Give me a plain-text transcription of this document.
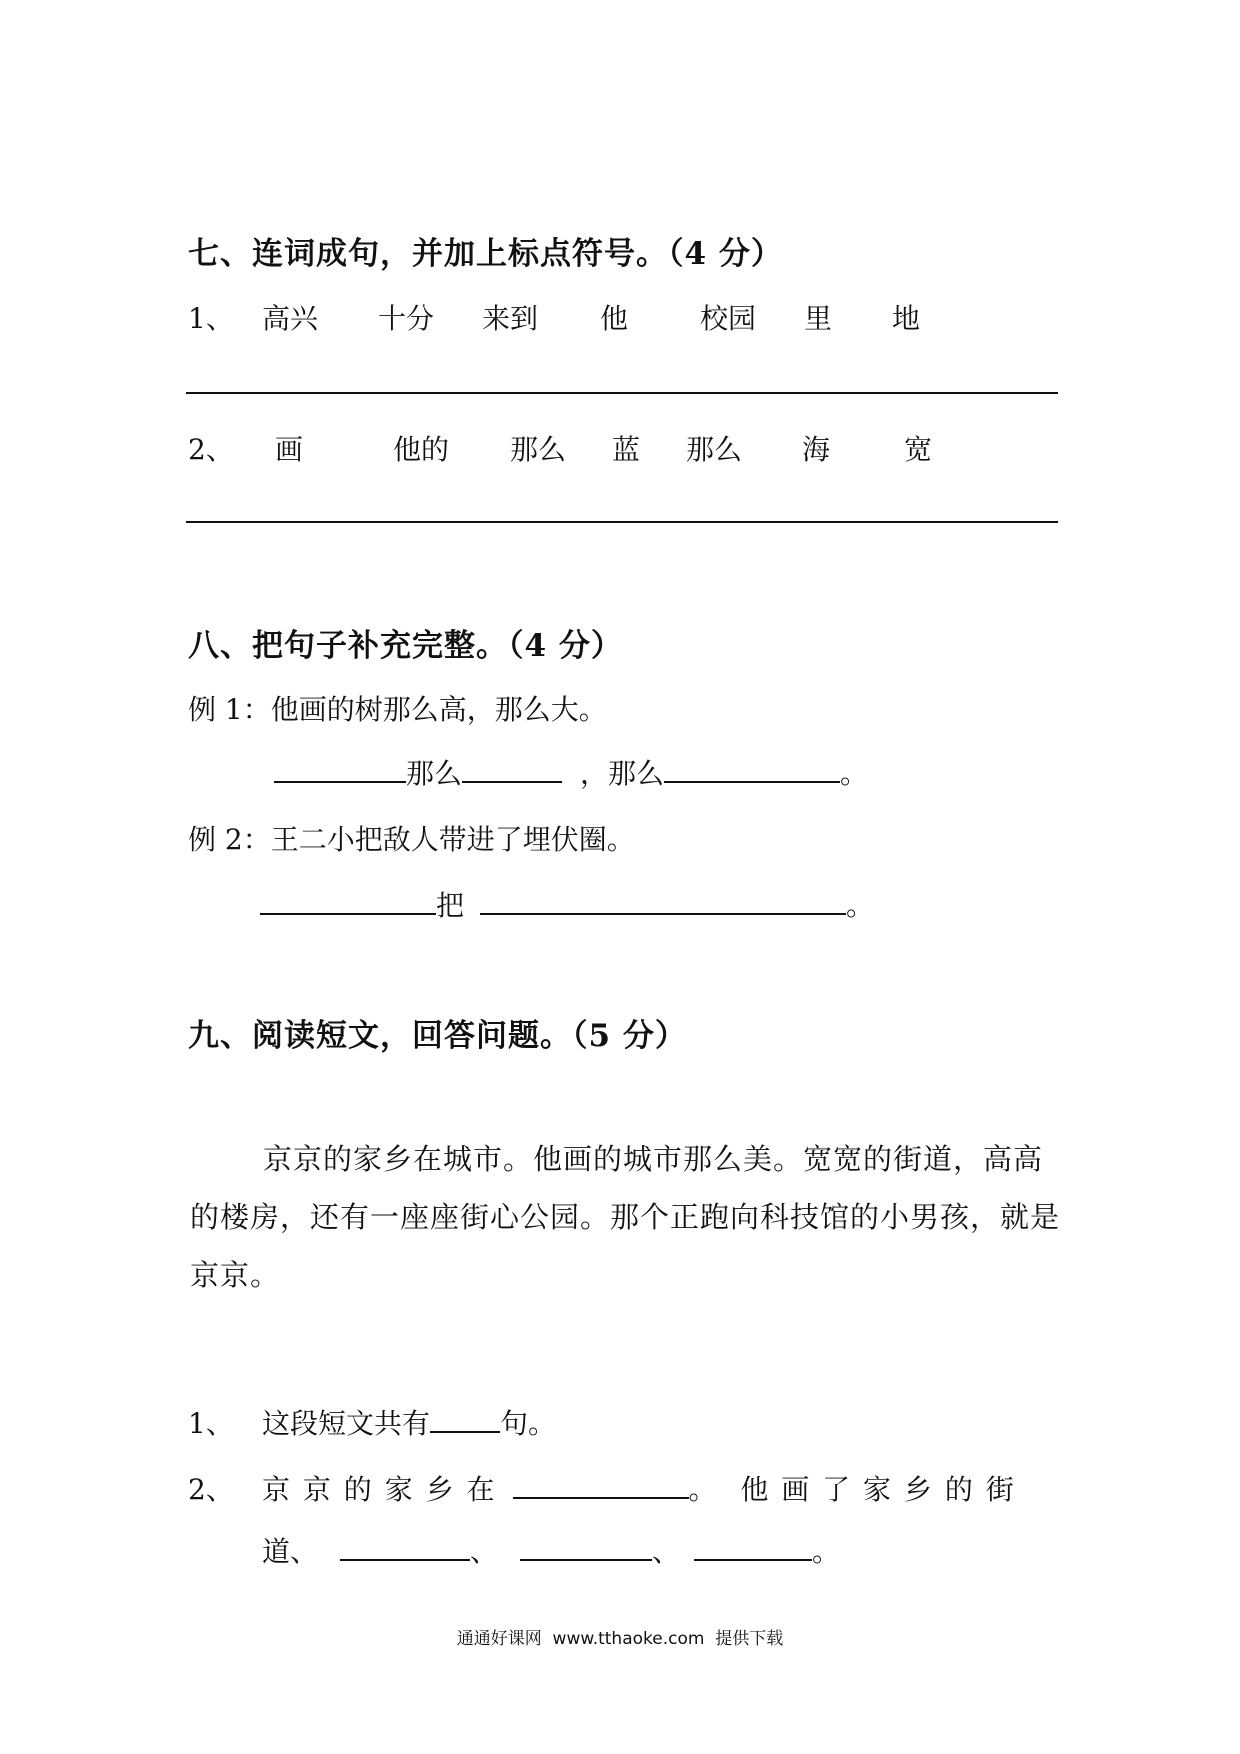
七、连词成句，并加上标点符号。（4 分）
1、 高兴 十分 来到 他	校园 里 地
2、 画	他的 那么 蓝 那么 海	宽
八、把句子补充完整。（4 分）
例 1：他画的树那么高，那么大。
那么	，那么	。
例 2：王二小把敌人带进了埋伏圈。
把	。
九、阅读短文，回答问题。（5 分）
京京的家乡在城市。他画的城市那么美。宽宽的街道，高高的楼房，还有一座座街心公园。那个正跑向科技馆的小男孩，就是京京。
1、 这段短文共有	句。
2、 京 京 的 家 乡 在	。  他 画 了 家 乡 的 街
道、	、	、	。
通通好课网  www.tthaoke.com  提供下载
